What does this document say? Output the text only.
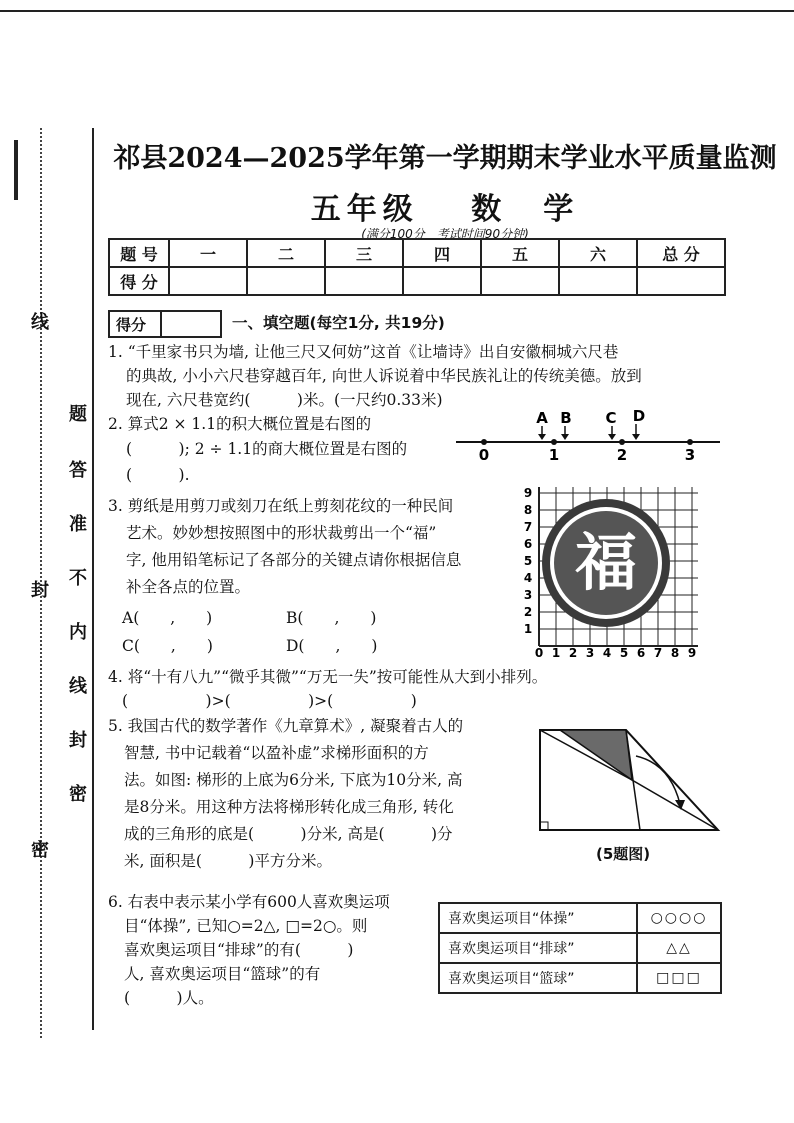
线
封
密
题
答
准
不
内
线
封
密
祁县2024—2025学年第一学期期末学业水平质量监测
五年级　 数　学
(满分100分　考试时间90分钟)
题 号	一	二	三	四	五	六	总 分
得 分							
得分	一、填空题(每空1分, 共19分)
1. “千里家书只为墙, 让他三尺又何妨”这首《让墙诗》出自安徽桐城六尺巷
的典故, 小小六尺巷穿越百年, 向世人诉说着中华民族礼让的传统美德。放到
现在, 六尺巷宽约(　　　)米。(一尺约0.33米)
2. 算式2 × 1.1的积大概位置是右图的
(　　　); 2 ÷ 1.1的商大概位置是右图的
(　　　).
0	1	2	3
A B C D
3. 剪纸是用剪刀或刻刀在纸上剪刻花纹的一种民间
艺术。妙妙想按照图中的形状裁剪出一个“福”
字, 他用铅笔标记了各部分的关键点请你根据信息
补全各点的位置。
A(　　,　　)	B(　　,　　)
C(　　,　　)	D(　　,　　)
福
0 1 2 3 4 5 6 7 8 9
1
2
3
4
5
6
7
8
9
4. 将“十有八九”“微乎其微”“万无一失”按可能性从大到小排列。
(　　　　　)>(　　　　　)>(　　　　　)
5. 我国古代的数学著作《九章算术》, 凝聚着古人的
智慧, 书中记载着“以盈补虚”求梯形面积的方
法。如图: 梯形的上底为6分米, 下底为10分米, 高
是8分米。用这种方法将梯形转化成三角形, 转化
成的三角形的底是(　　　)分米, 高是(　　　)分
米, 面积是(　　　)平方分米。	(5题图)
6. 右表中表示某小学有600人喜欢奥运项
目“体操”, 已知○=2△, □=2○。则
喜欢奥运项目“排球”的有(　　　)
人, 喜欢奥运项目“篮球”的有
(　　　)人。
喜欢奥运项目“体操”	○○○○
喜欢奥运项目“排球”	△△
喜欢奥运项目“篮球”	□□□
